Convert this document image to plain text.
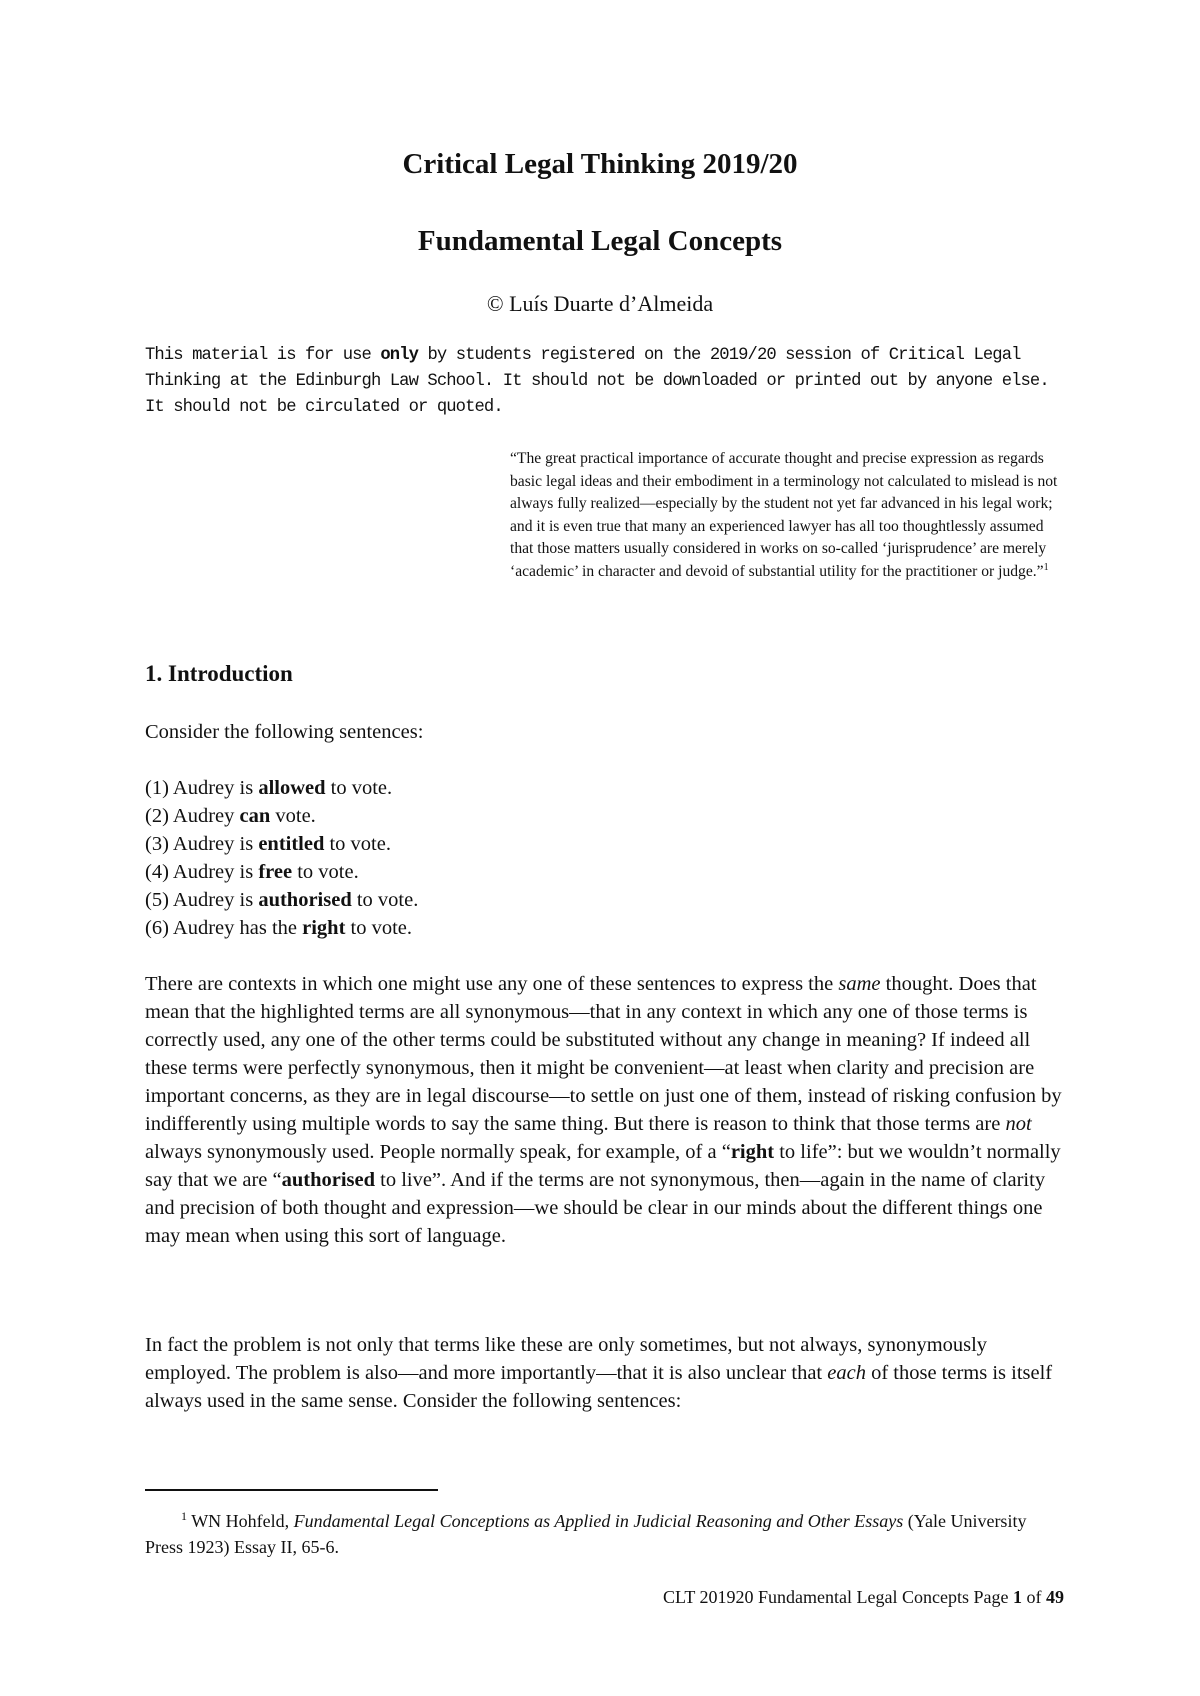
Critical Legal Thinking 2019/20
Fundamental Legal Concepts

© Luís Duarte d’Almeida

This material is for use only by students registered on the 2019/20 session of Critical Legal Thinking at the Edinburgh Law School. It should not be downloaded or printed out by anyone else. It should not be circulated or quoted.

“The great practical importance of accurate thought and precise expression as regards basic legal ideas and their embodiment in a terminology not calculated to mislead is not always fully realized—especially by the student not yet far advanced in his legal work; and it is even true that many an experienced lawyer has all too thoughtlessly assumed that those matters usually considered in works on so-called ‘jurisprudence’ are merely ‘academic’ in character and devoid of substantial utility for the practitioner or judge.”$^1$

1. Introduction

Consider the following sentences:

(1) Audrey is allowed to vote.
(2) Audrey can vote.
(3) Audrey is entitled to vote.
(4) Audrey is free to vote.
(5) Audrey is authorised to vote.
(6) Audrey has the right to vote.

There are contexts in which one might use any one of these sentences to express the same thought. Does that mean that the highlighted terms are all synonymous—that in any context in which any one of those terms is correctly used, any one of the other terms could be substituted without any change in meaning? If indeed all these terms were perfectly synonymous, then it might be convenient—at least when clarity and precision are important concerns, as they are in legal discourse—to settle on just one of them, instead of risking confusion by indifferently using multiple words to say the same thing. But there is reason to think that those terms are not always synonymously used. People normally speak, for example, of a “right to life”: but we wouldn’t normally say that we are “authorised to live”. And if the terms are not synonymous, then—again in the name of clarity and precision of both thought and expression—we should be clear in our minds about the different things one may mean when using this sort of language.

In fact the problem is not only that terms like these are only sometimes, but not always, synonymously employed. The problem is also—and more importantly—that it is also unclear that each of those terms is itself always used in the same sense. Consider the following sentences:

$^1$ WN Hohfeld, Fundamental Legal Conceptions as Applied in Judicial Reasoning and Other Essays (Yale University Press 1923) Essay II, 65-6.

CLT 201920 Fundamental Legal Concepts Page 1 of 49
